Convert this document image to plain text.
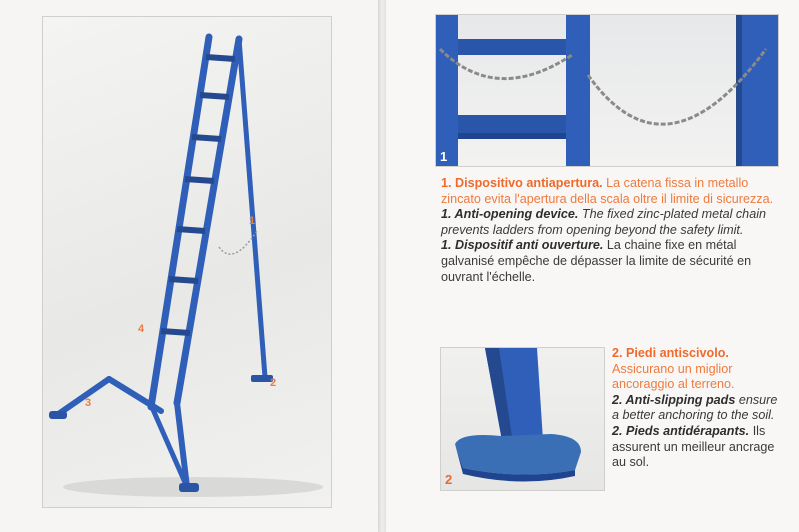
1
2
3
4
1
1. Dispositivo antiapertura. La catena fissa in metallo zincato evita l'apertura della scala oltre il limite di sicurezza.
1. Anti-opening device. The fixed zinc-plated metal chain prevents ladders from opening beyond the safety limit.
1. Dispositif anti ouverture. La chaine fixe en métal galvanisé empêche de dépasser la limite de sécurité en ouvrant l'échelle.
2
2. Piedi antiscivolo.
Assicurano un miglior ancoraggio al terreno.
2. Anti-slipping pads ensure a better anchoring to the soil.
2. Pieds antidérapants. Ils assurent un meilleur ancrage au sol.
